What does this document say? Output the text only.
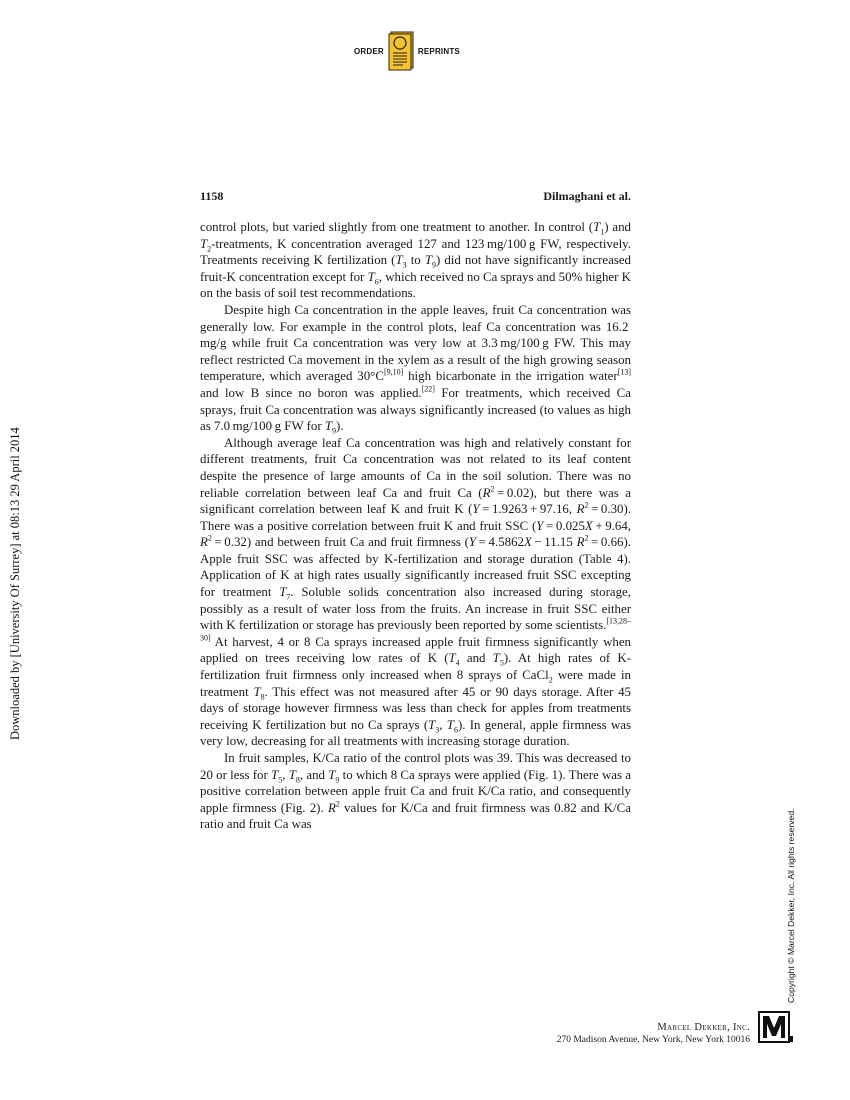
ORDER	REPRINTS
1158	Dilmaghani et al.

control plots, but varied slightly from one treatment to another. In control $(T_1)$ and $T_2$-treatments, K concentration averaged 127 and 123 mg/100 g FW, respectively. Treatments receiving K fertilization ($T_3$ to $T_9$) did not have significantly increased fruit-K concentration except for $T_6$, which received no Ca sprays and 50% higher K on the basis of soil test recommendations.

Despite high Ca concentration in the apple leaves, fruit Ca concentration was generally low. For example in the control plots, leaf Ca concentration was 16.2 mg/g while fruit Ca concentration was very low at 3.3 mg/100 g FW. This may reflect restricted Ca movement in the xylem as a result of the high growing season temperature, which averaged 30°C[9,10] high bicarbonate in the irrigation water[13] and low B since no boron was applied.[22] For treatments, which received Ca sprays, fruit Ca concentration was always significantly increased (to values as high as 7.0 mg/100 g FW for $T_9$).

Although average leaf Ca concentration was high and relatively constant for different treatments, fruit Ca concentration was not related to its leaf content despite the presence of large amounts of Ca in the soil solution. There was no reliable correlation between leaf Ca and fruit Ca $(R^2 = 0.02)$, but there was a significant correlation between leaf K and fruit K (Y = 1.9263 + 97.16, $R^2 = 0.30$). There was a positive correlation between fruit K and fruit SSC (Y = 0.025X + 9.64, $R^2 = 0.32$) and between fruit Ca and fruit firmness (Y = 4.5862X − 11.15 $R^2 = 0.66$). Apple fruit SSC was affected by K-fertilization and storage duration (Table 4). Application of K at high rates usually significantly increased fruit SSC excepting for treatment $T_7$. Soluble solids concentration also increased during storage, possibly as a result of water loss from the fruits. An increase in fruit SSC either with K fertilization or storage has previously been reported by some scientists.[13,28–30] At harvest, 4 or 8 Ca sprays increased apple fruit firmness significantly when applied on trees receiving low rates of K ($T_4$ and $T_5$). At high rates of K-fertilization fruit firmness only increased when 8 sprays of CaCl$_2$ were made in treatment $T_8$. This effect was not measured after 45 or 90 days storage. After 45 days of storage however firmness was less than check for apples from treatments receiving K fertilization but no Ca sprays ($T_3$, $T_6$). In general, apple firmness was very low, decreasing for all treatments with increasing storage duration.

In fruit samples, K/Ca ratio of the control plots was 39. This was decreased to 20 or less for $T_5$, $T_8$, and $T_9$ to which 8 Ca sprays were applied (Fig. 1). There was a positive correlation between apple fruit Ca and fruit K/Ca ratio, and consequently apple firmness (Fig. 2). $R^2$ values for K/Ca and fruit firmness was 0.82 and K/Ca ratio and fruit Ca was

Downloaded by [University Of Surrey] at 08:13 29 April 2014
Copyright © Marcel Dekker, Inc. All rights reserved.
Marcel Dekker, Inc.
270 Madison Avenue, New York, New York 10016
